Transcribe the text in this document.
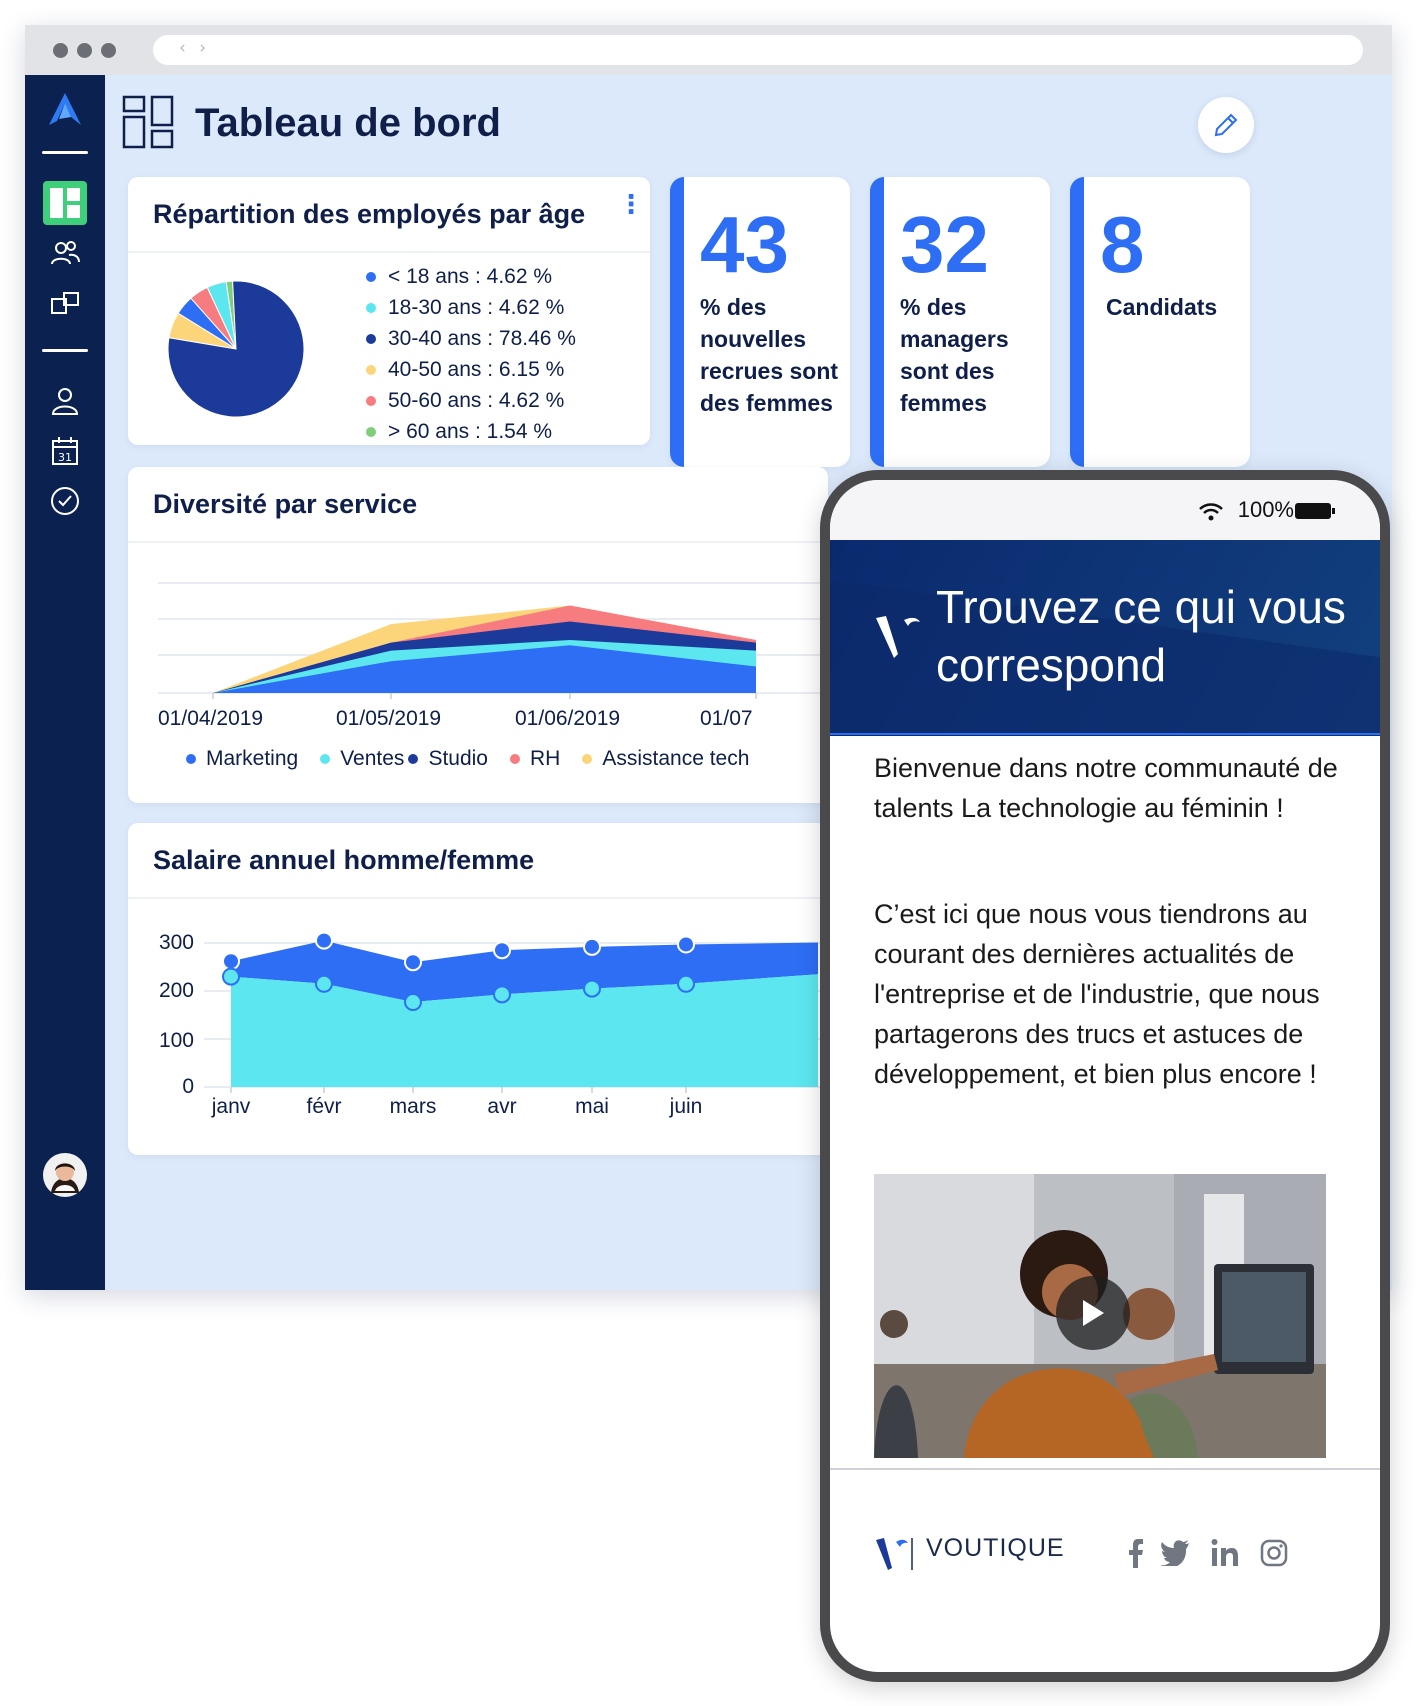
‹ ›
31
Tableau de bord
Répartition des employés par âge ⋮
< 18 ans : 4.62 %
18-30 ans : 4.62 %
30-40 ans : 78.46 %
40-50 ans : 6.15 %
50-60 ans : 4.62 %
> 60 ans : 1.54 %
43
% des nouvelles recrues sont des femmes
32
% des managers sont des femmes
8
Candidats
Diversité par service
01/04/2019	01/05/2019	01/06/2019	01/07
Marketing Ventes Studio RH Assistance tech
Salaire annuel homme/femme
300
200
100
0
janv	févr mars avr	mai	juin
100%
Trouvez ce qui vous correspond
Bienvenue dans notre communauté de talents La technologie au féminin !
C’est ici que nous vous tiendrons au courant des dernières actualités de l'entreprise et de l'industrie, que nous partagerons des trucs et astuces de développement, et bien plus encore !
VOUTIQUE
